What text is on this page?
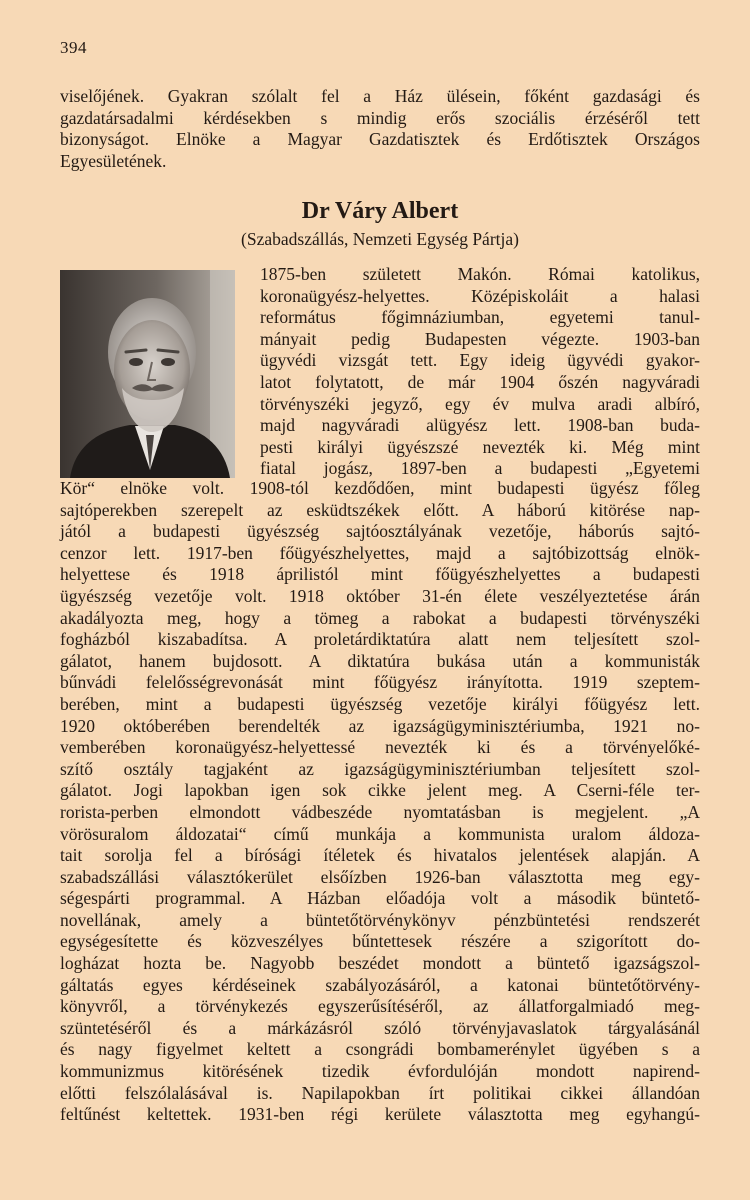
394
viselőjének. Gyakran szólalt fel a Ház ülésein, főként gazdasági és
gazdatársadalmi kérdésekben s mindig erős szociális érzéséről tett
bizonyságot. Elnöke a Magyar Gazdatisztek és Erdőtisztek Országos
Egyesületének.
Dr Váry Albert
(Szabadszállás, Nemzeti Egység Pártja)
1875-ben született Makón. Római katolikus,
koronaügyész-helyettes. Középiskoláit a halasi
református főgimnáziumban, egyetemi tanul-
mányait pedig Budapesten végezte. 1903-ban
ügyvédi vizsgát tett. Egy ideig ügyvédi gyakor-
latot folytatott, de már 1904 őszén nagyváradi
törvényszéki jegyző, egy év mulva aradi albíró,
majd nagyváradi alügyész lett. 1908-ban buda-
pesti királyi ügyészszé nevezték ki. Még mint
fiatal jogász, 1897-ben a budapesti „Egyetemi
Kör“ elnöke volt. 1908-tól kezdődően, mint budapesti ügyész főleg
sajtóperekben szerepelt az esküdtszékek előtt. A háború kitörése nap-
jától a budapesti ügyészség sajtóosztályának vezetője, háborús sajtó-
cenzor lett. 1917-ben főügyészhelyettes, majd a sajtóbizottság elnök-
helyettese és 1918 áprilistól mint főügyészhelyettes a budapesti
ügyészség vezetője volt. 1918 október 31-én élete veszélyeztetése árán
akadályozta meg, hogy a tömeg a rabokat a budapesti törvényszéki
fogházból kiszabadítsa. A proletárdiktatúra alatt nem teljesített szol-
gálatot, hanem bujdosott. A diktatúra bukása után a kommunisták
bűnvádi felelősségrevonását mint főügyész irányította. 1919 szeptem-
berében, mint a budapesti ügyészség vezetője királyi főügyész lett.
1920 októberében berendelték az igazságügyminisztériumba, 1921 no-
vemberében koronaügyész-helyettessé nevezték ki és a törvényelőké-
szítő osztály tagjaként az igazságügyminisztériumban teljesített szol-
gálatot. Jogi lapokban igen sok cikke jelent meg. A Cserni-féle ter-
rorista-perben elmondott vádbeszéde nyomtatásban is megjelent. „A
vörösuralom áldozatai“ című munkája a kommunista uralom áldoza-
tait sorolja fel a bírósági ítéletek és hivatalos jelentések alapján. A
szabadszállási választókerület elsőízben 1926-ban választotta meg egy-
ségespárti programmal. A Házban előadója volt a második büntető-
novellának, amely a büntetőtörvénykönyv pénzbüntetési rendszerét
egységesítette és közveszélyes bűntettesek részére a szigorított do-
logházat hozta be. Nagyobb beszédet mondott a büntető igazságszol-
gáltatás egyes kérdéseinek szabályozásáról, a katonai büntetőtörvény-
könyvről, a törvénykezés egyszerűsítéséről, az állatforgalmiadó meg-
szüntetéséről és a márkázásról szóló törvényjavaslatok tárgyalásánál
és nagy figyelmet keltett a csongrádi bombamerénylet ügyében s a
kommunizmus kitörésének tizedik évfordulóján mondott napirend-
előtti felszólalásával is. Napilapokban írt politikai cikkei állandóan
feltűnést keltettek. 1931-ben régi kerülete választotta meg egyhangú-
